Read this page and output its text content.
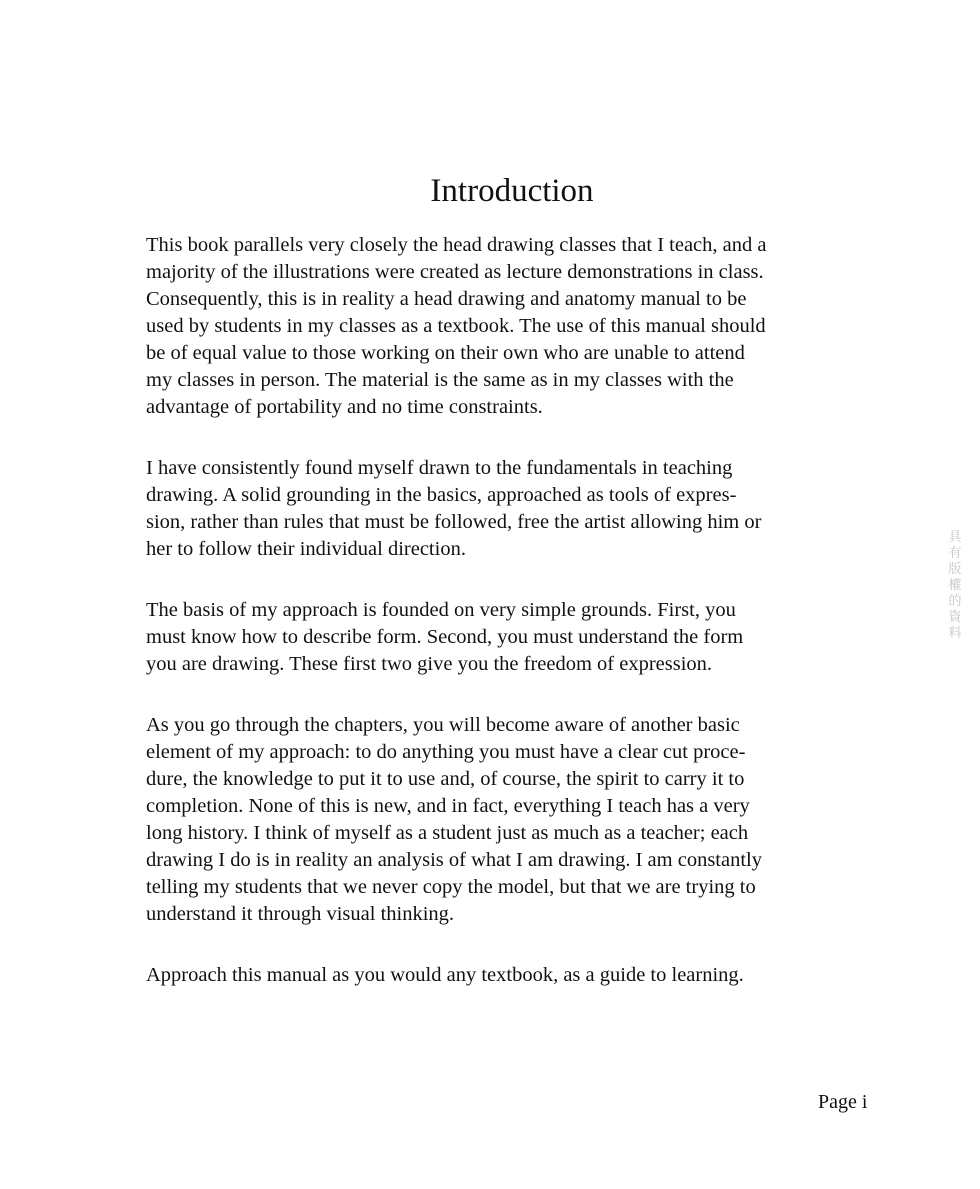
Introduction

This book parallels very closely the head drawing classes that I teach, and a
majority of the illustrations were created as lecture demonstrations in class.
Consequently, this is in reality a head drawing and anatomy manual to be
used by students in my classes as a textbook. The use of this manual should
be of equal value to those working on their own who are unable to attend
my classes in person. The material is the same as in my classes with the
advantage of portability and no time constraints.

I have consistently found myself drawn to the fundamentals in teaching
drawing. A solid grounding in the basics, approached as tools of expres-
sion, rather than rules that must be followed, free the artist allowing him or
her to follow their individual direction.

The basis of my approach is founded on very simple grounds. First, you
must know how to describe form. Second, you must understand the form
you are drawing. These first two give you the freedom of expression.

As you go through the chapters, you will become aware of another basic
element of my approach: to do anything you must have a clear cut proce-
dure, the knowledge to put it to use and, of course, the spirit to carry it to
completion. None of this is new, and in fact, everything I teach has a very
long history. I think of myself as a student just as much as a teacher; each
drawing I do is in reality an analysis of what I am drawing. I am constantly
telling my students that we never copy the model, but that we are trying to
understand it through visual thinking.

Approach this manual as you would any textbook, as a guide to learning.

具
有
版
權
的
資
料

Page i
